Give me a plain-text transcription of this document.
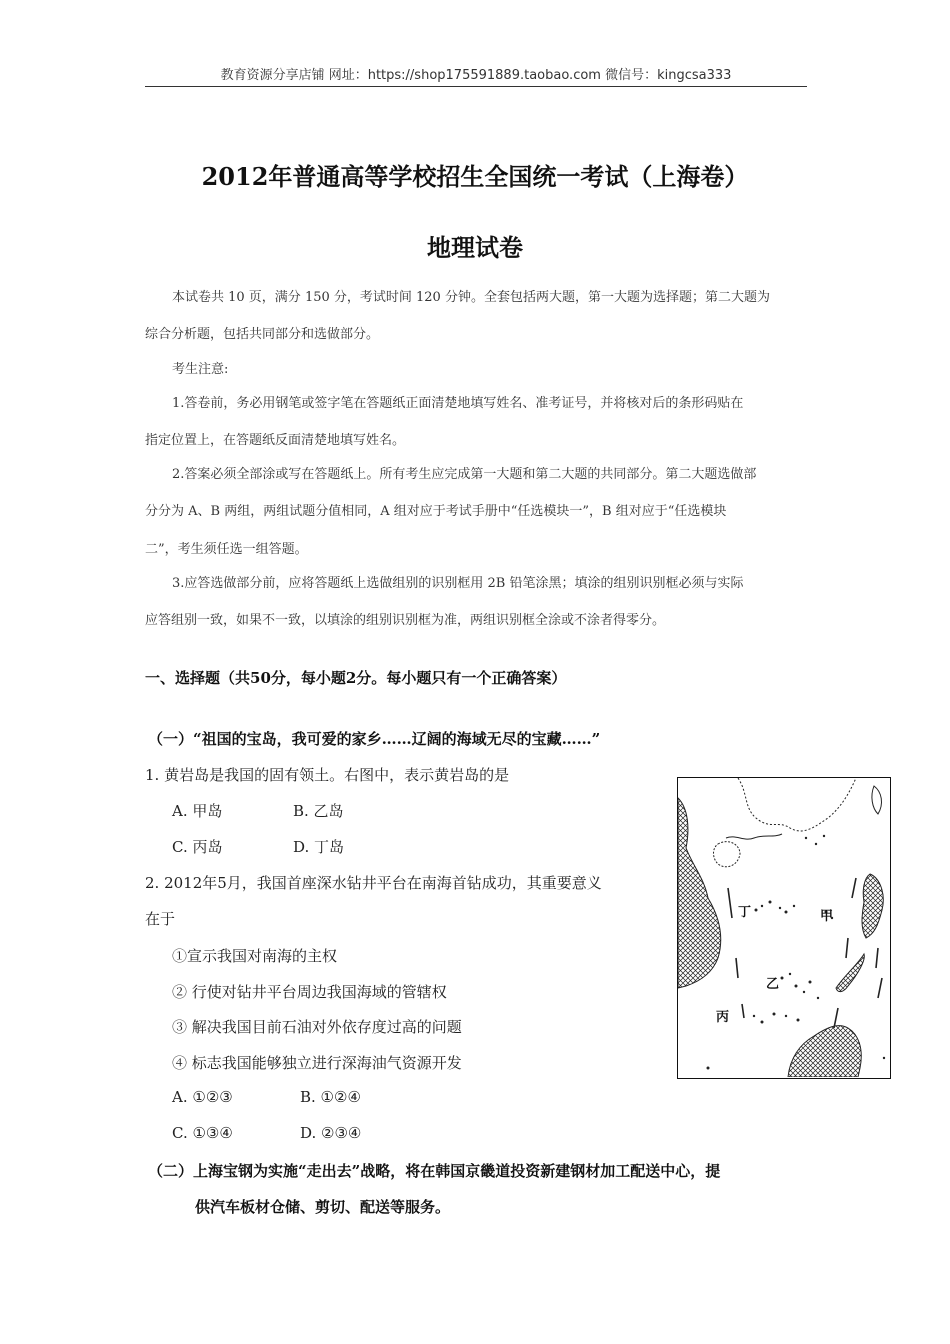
教育资源分享店铺 网址：https://shop175591889.taobao.com 微信号：kingcsa333
2012年普通高等学校招生全国统一考试（上海卷）
地理试卷
本试卷共 10 页，满分 150 分，考试时间 120 分钟。全套包括两大题，第一大题为选择题；第二大题为
综合分析题，包括共同部分和选做部分。
考生注意:
1.答卷前，务必用钢笔或签字笔在答题纸正面清楚地填写姓名、准考证号，并将核对后的条形码贴在
指定位置上，在答题纸反面清楚地填写姓名。
2.答案必须全部涂或写在答题纸上。所有考生应完成第一大题和第二大题的共同部分。第二大题选做部
分分为 A、B 两组，两组试题分值相同，A 组对应于考试手册中“任选模块一”，B 组对应于“任选模块
二”，考生须任选一组答题。
3.应答选做部分前，应将答题纸上选做组别的识别框用 2B 铅笔涂黑；填涂的组别识别框必须与实际
应答组别一致，如果不一致，以填涂的组别识别框为准，两组识别框全涂或不涂者得零分。
一、选择题（共50分，每小题2分。每小题只有一个正确答案）
（一）“祖国的宝岛，我可爱的家乡……辽阔的海域无尽的宝藏……”
1. 黄岩岛是我国的固有领土。右图中，表示黄岩岛的是
A. 甲岛	B. 乙岛
C. 丙岛	D. 丁岛
2. 2012年5月，我国首座深水钻井平台在南海首钻成功，其重要意义
在于
①宣示我国对南海的主权
② 行使对钻井平台周边我国海域的管辖权
③ 解决我国目前石油对外依存度过高的问题
④ 标志我国能够独立进行深海油气资源开发
A. ①②③	B. ①②④
C. ①③④	D. ②③④
（二）上海宝钢为实施“走出去”战略，将在韩国京畿道投资新建钢材加工配送中心，提
供汽车板材仓储、剪切、配送等服务。
丁	甲
乙
丙
